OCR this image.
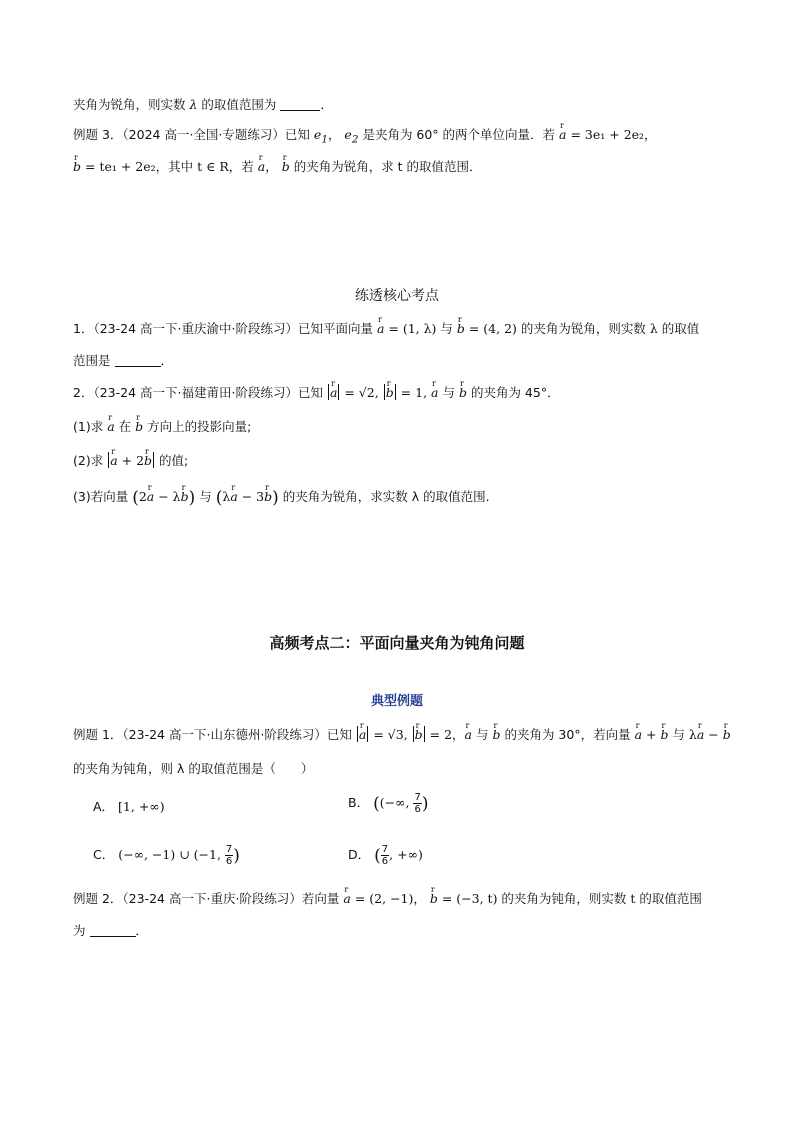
夹角为锐角，则实数 λ 的取值范围为	．
例题 3．（2024 高一·全国·专题练习）已知 $e_1$， $e_2$ 是夹角为 60° 的两个单位向量．若 r a = 3e₁ + 2e₂，
r b = te₁ + 2e₂，其中 t ∈ R，若 r a， r b 的夹角为锐角，求 t 的取值范围．
练透核心考点
1．（23-24 高一下·重庆渝中·阶段练习）已知平面向量 r a = (1, λ) 与 r b = (4, 2) 的夹角为锐角，则实数 λ 的取值
范围是	．
2．（23-24 高一下·福建莆田·阶段练习）已知 r a = √2, r b = 1, r a 与 r b 的夹角为 45°．
(1)求 r a 在 r b 方向上的投影向量;
(2)求 r a + 2r b 的值;
(3)若向量 (2r a − λr b) 与 (λr a − 3r b) 的夹角为锐角，求实数 λ 的取值范围.
高频考点二：平面向量夹角为钝角问题
典型例题
例题 1．（23-24 高一下·山东德州·阶段练习）已知 r a = √3, r b = 2，r a 与 r b 的夹角为 30°，若向量 r a + r b 与 λr a − r b
的夹角为钝角，则 λ 的取值范围是（　　）
A． [1, +∞)	B． ((−∞, $\frac{7}{6}$ )
C． (−∞, −1) ∪ (−1, $\frac{7}{6}$ )	D． ( $\frac{7}{6}$ , +∞)
例题 2．（23-24 高一下·重庆·阶段练习）若向量 r a = (2, −1)， r b = (−3, t) 的夹角为钝角，则实数 t 的取值范围
为	．
